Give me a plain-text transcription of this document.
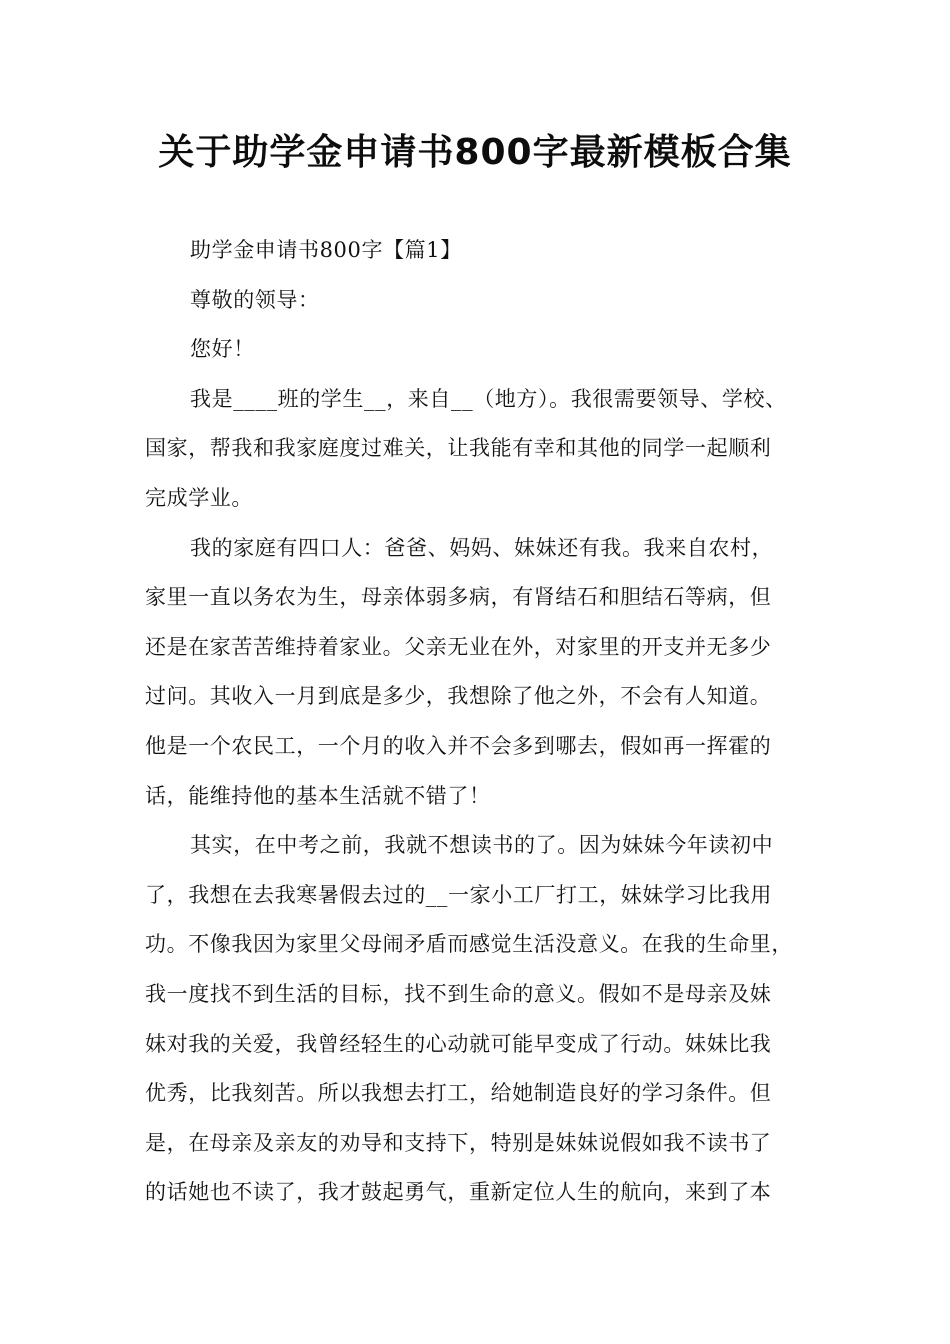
关于助学金申请书800字最新模板合集
助学金申请书800字【篇1】
尊敬的领导：
您好！
我是____班的学生__，来自__（地方）。我很需要领导、学校、
国家，帮我和我家庭度过难关，让我能有幸和其他的同学一起顺利
完成学业。
我的家庭有四口人：爸爸、妈妈、妹妹还有我。我来自农村，
家里一直以务农为生，母亲体弱多病，有肾结石和胆结石等病，但
还是在家苦苦维持着家业。父亲无业在外，对家里的开支并无多少
过问。其收入一月到底是多少，我想除了他之外，不会有人知道。
他是一个农民工，一个月的收入并不会多到哪去，假如再一挥霍的
话，能维持他的基本生活就不错了！
其实，在中考之前，我就不想读书的了。因为妹妹今年读初中
了，我想在去我寒暑假去过的__一家小工厂打工，妹妹学习比我用
功。不像我因为家里父母闹矛盾而感觉生活没意义。在我的生命里，
我一度找不到生活的目标，找不到生命的意义。假如不是母亲及妹
妹对我的关爱，我曾经轻生的心动就可能早变成了行动。妹妹比我
优秀，比我刻苦。所以我想去打工，给她制造良好的学习条件。但
是，在母亲及亲友的劝导和支持下，特别是妹妹说假如我不读书了
的话她也不读了，我才鼓起勇气，重新定位人生的航向，来到了本
